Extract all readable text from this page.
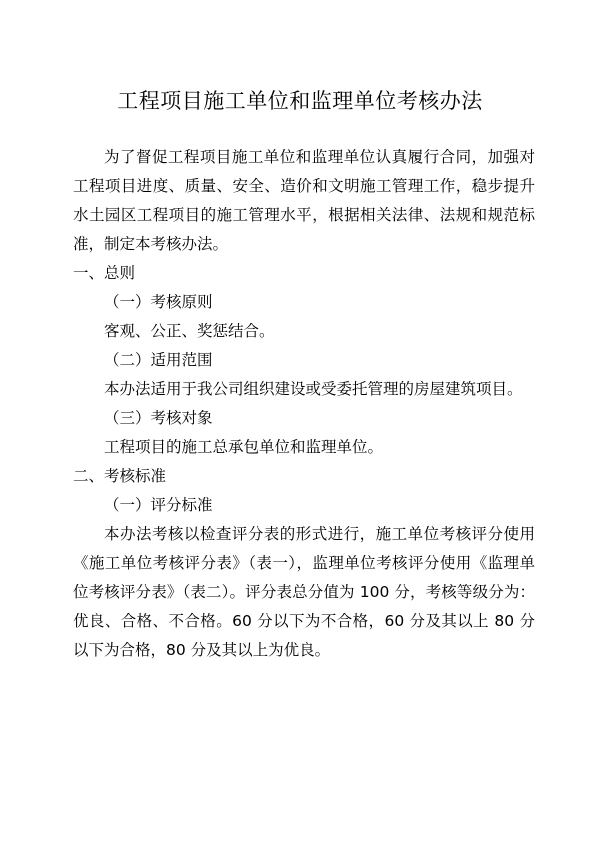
工程项目施工单位和监理单位考核办法

为了督促工程项目施工单位和监理单位认真履行合同，加强对工程项目进度、质量、安全、造价和文明施工管理工作，稳步提升水土园区工程项目的施工管理水平，根据相关法律、法规和规范标准，制定本考核办法。

一、总则

（一）考核原则

客观、公正、奖惩结合。

（二）适用范围

本办法适用于我公司组织建设或受委托管理的房屋建筑项目。

（三）考核对象

工程项目的施工总承包单位和监理单位。

二、考核标准

（一）评分标准

本办法考核以检查评分表的形式进行，施工单位考核评分使用《施工单位考核评分表》（表一），监理单位考核评分使用《监理单位考核评分表》（表二）。评分表总分值为 100 分，考核等级分为：优良、合格、不合格。60 分以下为不合格，60 分及其以上 80 分以下为合格，80 分及其以上为优良。
